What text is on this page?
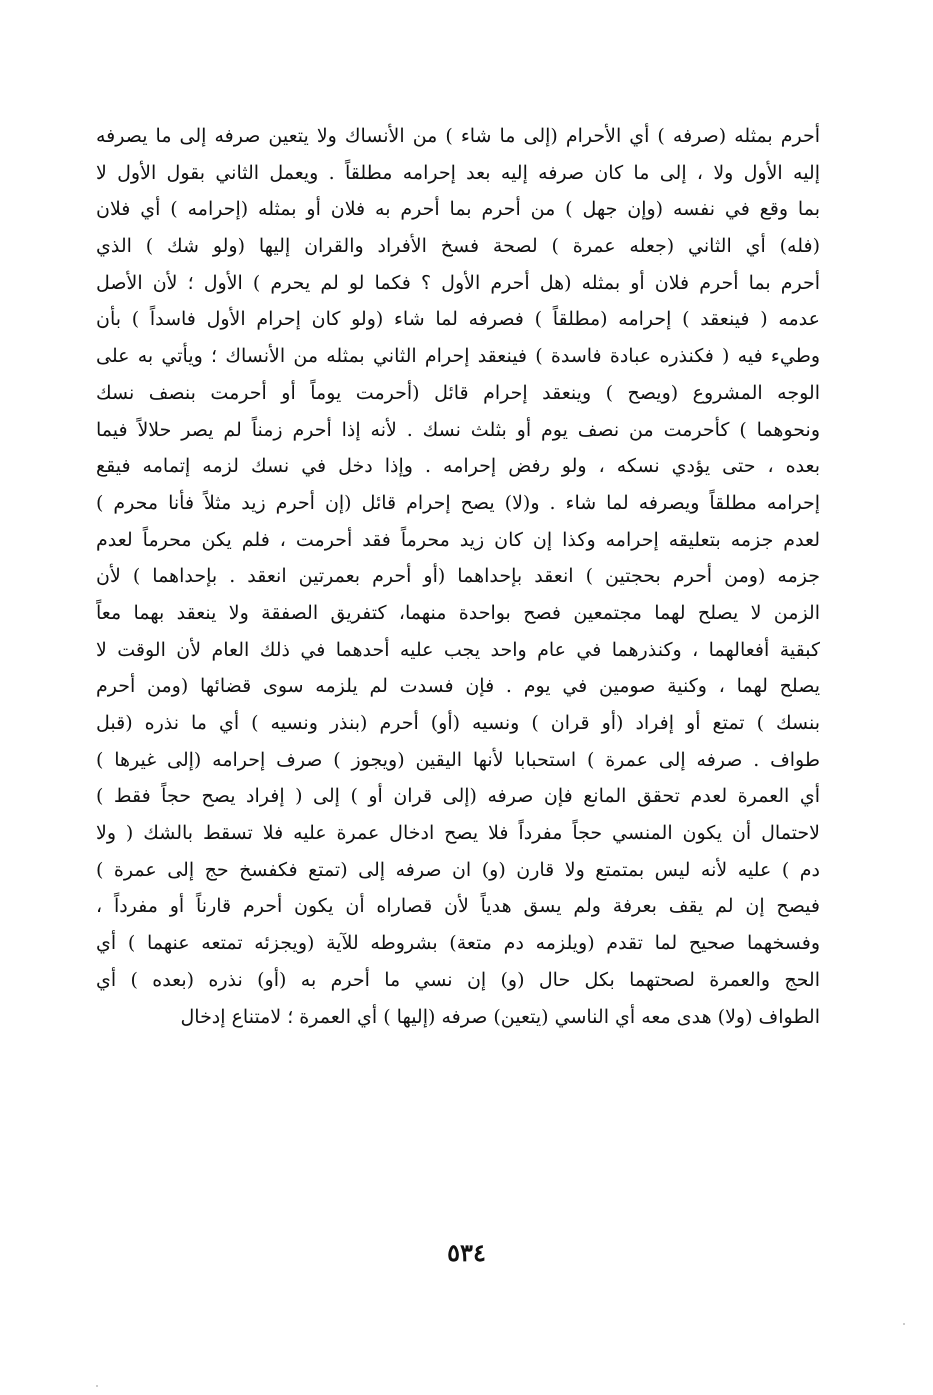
أحرم بمثله (صرفه ) أي الأحرام (إلى ما شاء ) من الأنساك ولا يتعين صرفه إلى ما يصرفه
إليه الأول ولا ، إلى ما كان صرفه إليه بعد إحرامه مطلقاً . ويعمل الثاني بقول الأول لا
بما وقع في نفسه (وإن جهل ) من أحرم بما أحرم به فلان أو بمثله (إحرامه ) أي فلان
(فله) أي الثاني (جعله عمرة ) لصحة فسخ الأفراد والقران إليها (ولو شك ) الذي
أحرم بما أحرم فلان أو بمثله (هل أحرم الأول ؟ فكما لو لم يحرم ) الأول ؛ لأن الأصل
عدمه ( فينعقد ) إحرامه (مطلقاً ) فصرفه لما شاء (ولو كان إحرام الأول فاسداً ) بأن
وطيء فيه ( فكنذره عبادة فاسدة ) فينعقد إحرام الثاني بمثله من الأنساك ؛ ويأتي به على
الوجه المشروع (ويصح ) وينعقد إحرام قائل (أحرمت يوماً أو أحرمت بنصف نسك
ونحوهما ) كأحرمت من نصف يوم أو بثلث نسك . لأنه إذا أحرم زمناً لم يصر حلالاً فيما
بعده ، حتى يؤدي نسكه ، ولو رفض إحرامه . وإذا دخل في نسك لزمه إتمامه فيقع
إحرامه مطلقاً ويصرفه لما شاء . و(لا) يصح إحرام قائل (إن أحرم زيد مثلاً فأنا محرم )
لعدم جزمه بتعليقه إحرامه وكذا إن كان زيد محرماً فقد أحرمت ، فلم يكن محرماً لعدم
جزمه (ومن أحرم بحجتين ) انعقد بإحداهما (أو أحرم بعمرتين انعقد . بإحداهما ) لأن
الزمن لا يصلح لهما مجتمعين فصح بواحدة منهما، كتفريق الصفقة ولا ينعقد بهما معاً
كبقية أفعالهما ، وكنذرهما في عام واحد يجب عليه أحدهما في ذلك العام لأن الوقت لا
يصلح لهما ، وكنية صومين في يوم . فإن فسدت لم يلزمه سوى قضائها (ومن أحرم
بنسك ) تمتع أو إفراد (أو قران ) ونسيه (أو) أحرم (بنذر ونسيه ) أي ما نذره (قبل
طواف . صرفه إلى عمرة ) استحبابا لأنها اليقين (ويجوز ) صرف إحرامه (إلى غيرها )
أي العمرة لعدم تحقق المانع فإن صرفه (إلى قران أو ) إلى ( إفراد يصح حجاً فقط )
لاحتمال أن يكون المنسي حجاً مفرداً فلا يصح ادخال عمرة عليه فلا تسقط بالشك ( ولا
دم ) عليه لأنه ليس بمتمتع ولا قارن (و) ان صرفه إلى (تمتع فكفسخ حج إلى عمرة )
فيصح إن لم يقف بعرفة ولم يسق هدياً لأن قصاراه أن يكون أحرم قارناً أو مفرداً ،
وفسخهما صحيح لما تقدم (ويلزمه دم متعة) بشروطه للآية (ويجزئه تمتعه عنهما ) أي
الحج والعمرة لصحتهما بكل حال (و) إن نسي ما أحرم به (أو) نذره (بعده ) أي
الطواف (ولا) هدى معه أي الناسي (يتعين) صرفه (إليها ) أي العمرة ؛ لامتناع إدخال
٥٣٤
